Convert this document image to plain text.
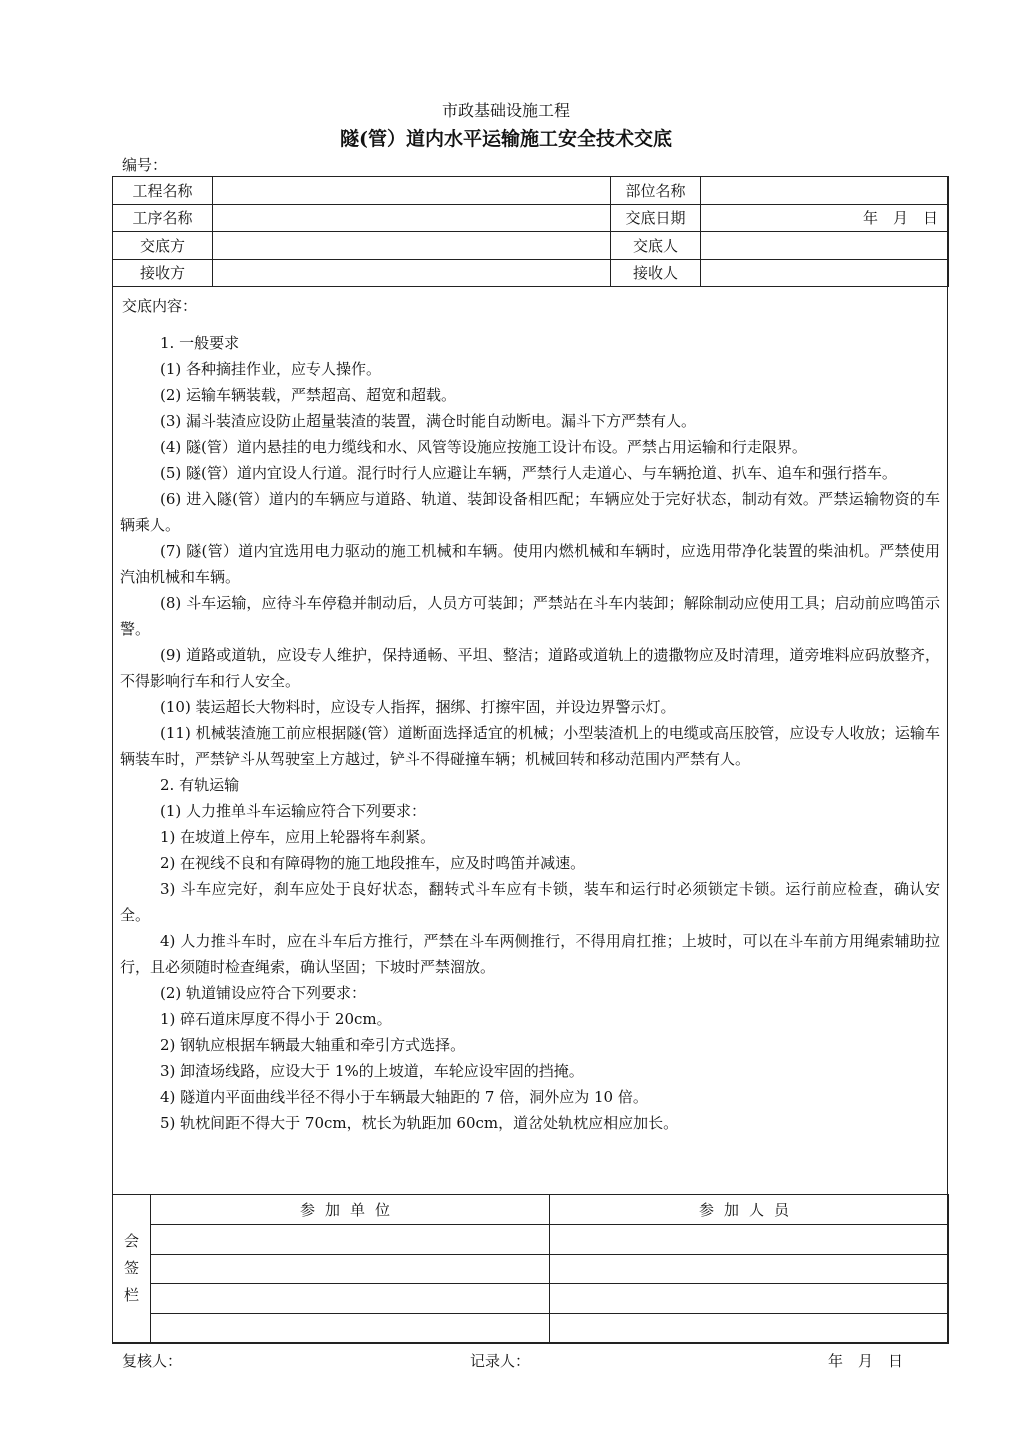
市政基础设施工程
隧(管）道内水平运输施工安全技术交底
编号：
工程名称		部位名称	
工序名称		交底日期	年　月　日
交底方		交底人	
接收方		接收人	
交底内容：

1. 一般要求

(1) 各种摘挂作业，应专人操作。

(2) 运输车辆装载，严禁超高、超宽和超载。

(3) 漏斗装渣应设防止超量装渣的装置，满仓时能自动断电。漏斗下方严禁有人。

(4) 隧(管）道内悬挂的电力缆线和水、风管等设施应按施工设计布设。严禁占用运输和行走限界。

(5) 隧(管）道内宜设人行道。混行时行人应避让车辆，严禁行人走道心、与车辆抢道、扒车、追车和强行搭车。

(6) 进入隧(管）道内的车辆应与道路、轨道、装卸设备相匹配；车辆应处于完好状态，制动有效。严禁运输物资的车辆乘人。

(7) 隧(管）道内宜选用电力驱动的施工机械和车辆。使用内燃机械和车辆时，应选用带净化装置的柴油机。严禁使用汽油机械和车辆。

(8) 斗车运输，应待斗车停稳并制动后，人员方可装卸；严禁站在斗车内装卸；解除制动应使用工具；启动前应鸣笛示警。

(9) 道路或道轨，应设专人维护，保持通畅、平坦、整洁；道路或道轨上的遗撒物应及时清理，道旁堆料应码放整齐，不得影响行车和行人安全。

(10) 装运超长大物料时，应设专人指挥，捆绑、打擦牢固，并设边界警示灯。

(11) 机械装渣施工前应根据隧(管）道断面选择适宜的机械；小型装渣机上的电缆或高压胶管，应设专人收放；运输车辆装车时，严禁铲斗从驾驶室上方越过，铲斗不得碰撞车辆；机械回转和移动范围内严禁有人。

2. 有轨运输

(1) 人力推单斗车运输应符合下列要求：

1) 在坡道上停车，应用上轮器将车刹紧。

2) 在视线不良和有障碍物的施工地段推车，应及时鸣笛并减速。

3) 斗车应完好，刹车应处于良好状态，翻转式斗车应有卡锁，装车和运行时必须锁定卡锁。运行前应检查，确认安全。

4) 人力推斗车时，应在斗车后方推行，严禁在斗车两侧推行，不得用肩扛推；上坡时，可以在斗车前方用绳索辅助拉行，且必须随时检查绳索，确认坚固；下坡时严禁溜放。

(2) 轨道铺设应符合下列要求：

1) 碎石道床厚度不得小于 20cm。

2) 钢轨应根据车辆最大轴重和牵引方式选择。

3) 卸渣场线路，应设大于 1%的上坡道，车轮应设牢固的挡掩。

4) 隧道内平面曲线半径不得小于车辆最大轴距的 7 倍，洞外应为 10 倍。

5) 轨枕间距不得大于 70cm，枕长为轨距加 60cm，道岔处轨枕应相应加长。

会
签
栏	参加单位	参加人员

复核人：	记录人：	年　月　日
